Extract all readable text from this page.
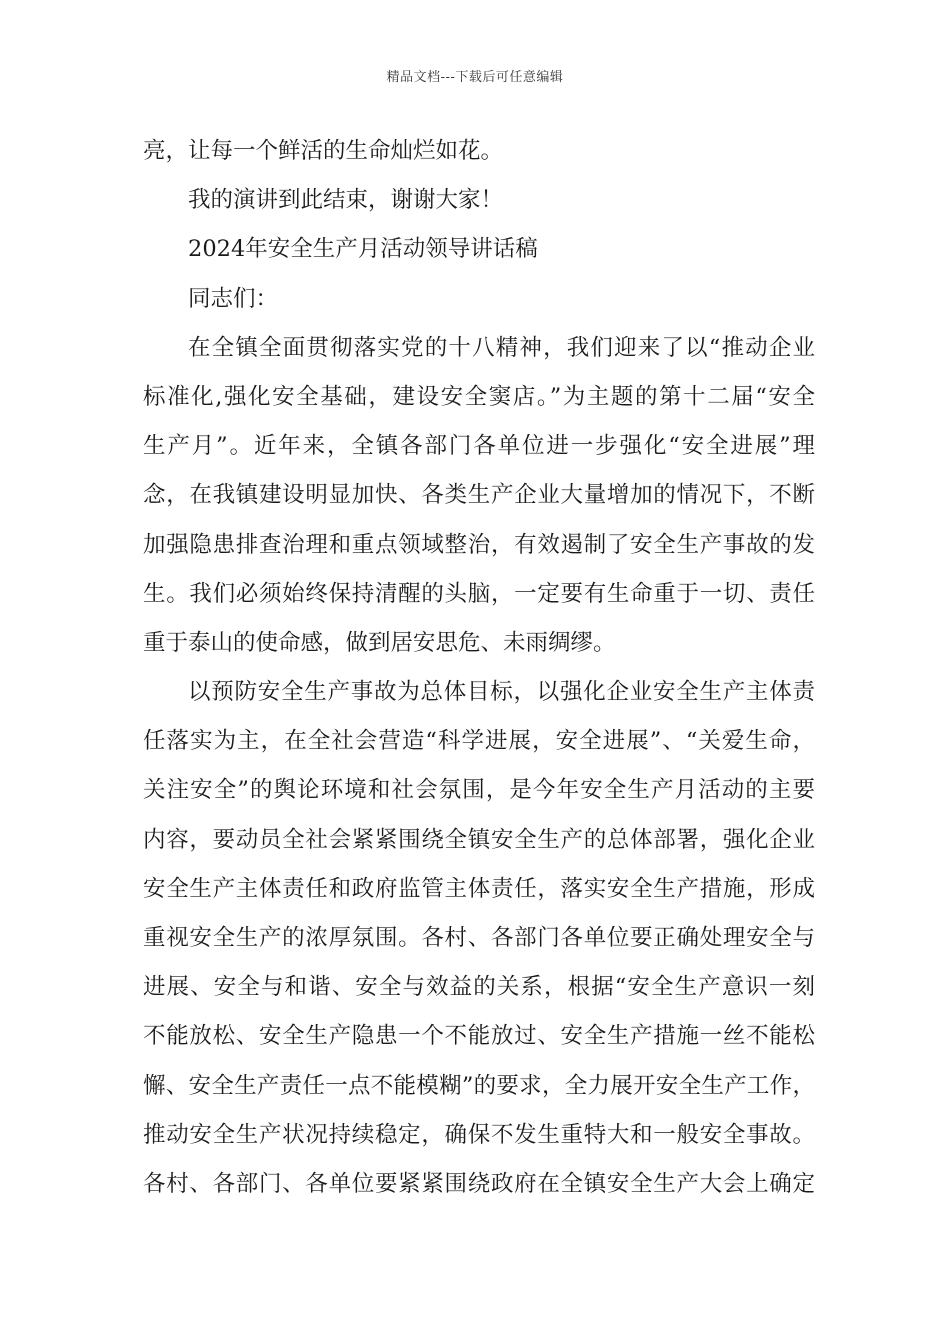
精品文档---下载后可任意编辑
亮，让每一个鲜活的生命灿烂如花。
我的演讲到此结束，谢谢大家！
2024年安全生产月活动领导讲话稿
同志们：
在全镇全面贯彻落实党的十八精神，我们迎来了以“推动企业
标准化,强化安全基础，建设安全窦店。”为主题的第十二届“安全
生产月”。近年来，全镇各部门各单位进一步强化“安全进展”理
念，在我镇建设明显加快、各类生产企业大量增加的情况下，不断
加强隐患排查治理和重点领域整治，有效遏制了安全生产事故的发
生。我们必须始终保持清醒的头脑，一定要有生命重于一切、责任
重于泰山的使命感，做到居安思危、未雨绸缪。
以预防安全生产事故为总体目标，以强化企业安全生产主体责
任落实为主，在全社会营造“科学进展，安全进展”、“关爱生命，
关注安全”的舆论环境和社会氛围，是今年安全生产月活动的主要
内容，要动员全社会紧紧围绕全镇安全生产的总体部署，强化企业
安全生产主体责任和政府监管主体责任，落实安全生产措施，形成
重视安全生产的浓厚氛围。各村、各部门各单位要正确处理安全与
进展、安全与和谐、安全与效益的关系，根据“安全生产意识一刻
不能放松、安全生产隐患一个不能放过、安全生产措施一丝不能松
懈、安全生产责任一点不能模糊”的要求，全力展开安全生产工作，
推动安全生产状况持续稳定，确保不发生重特大和一般安全事故。
各村、各部门、各单位要紧紧围绕政府在全镇安全生产大会上确定
